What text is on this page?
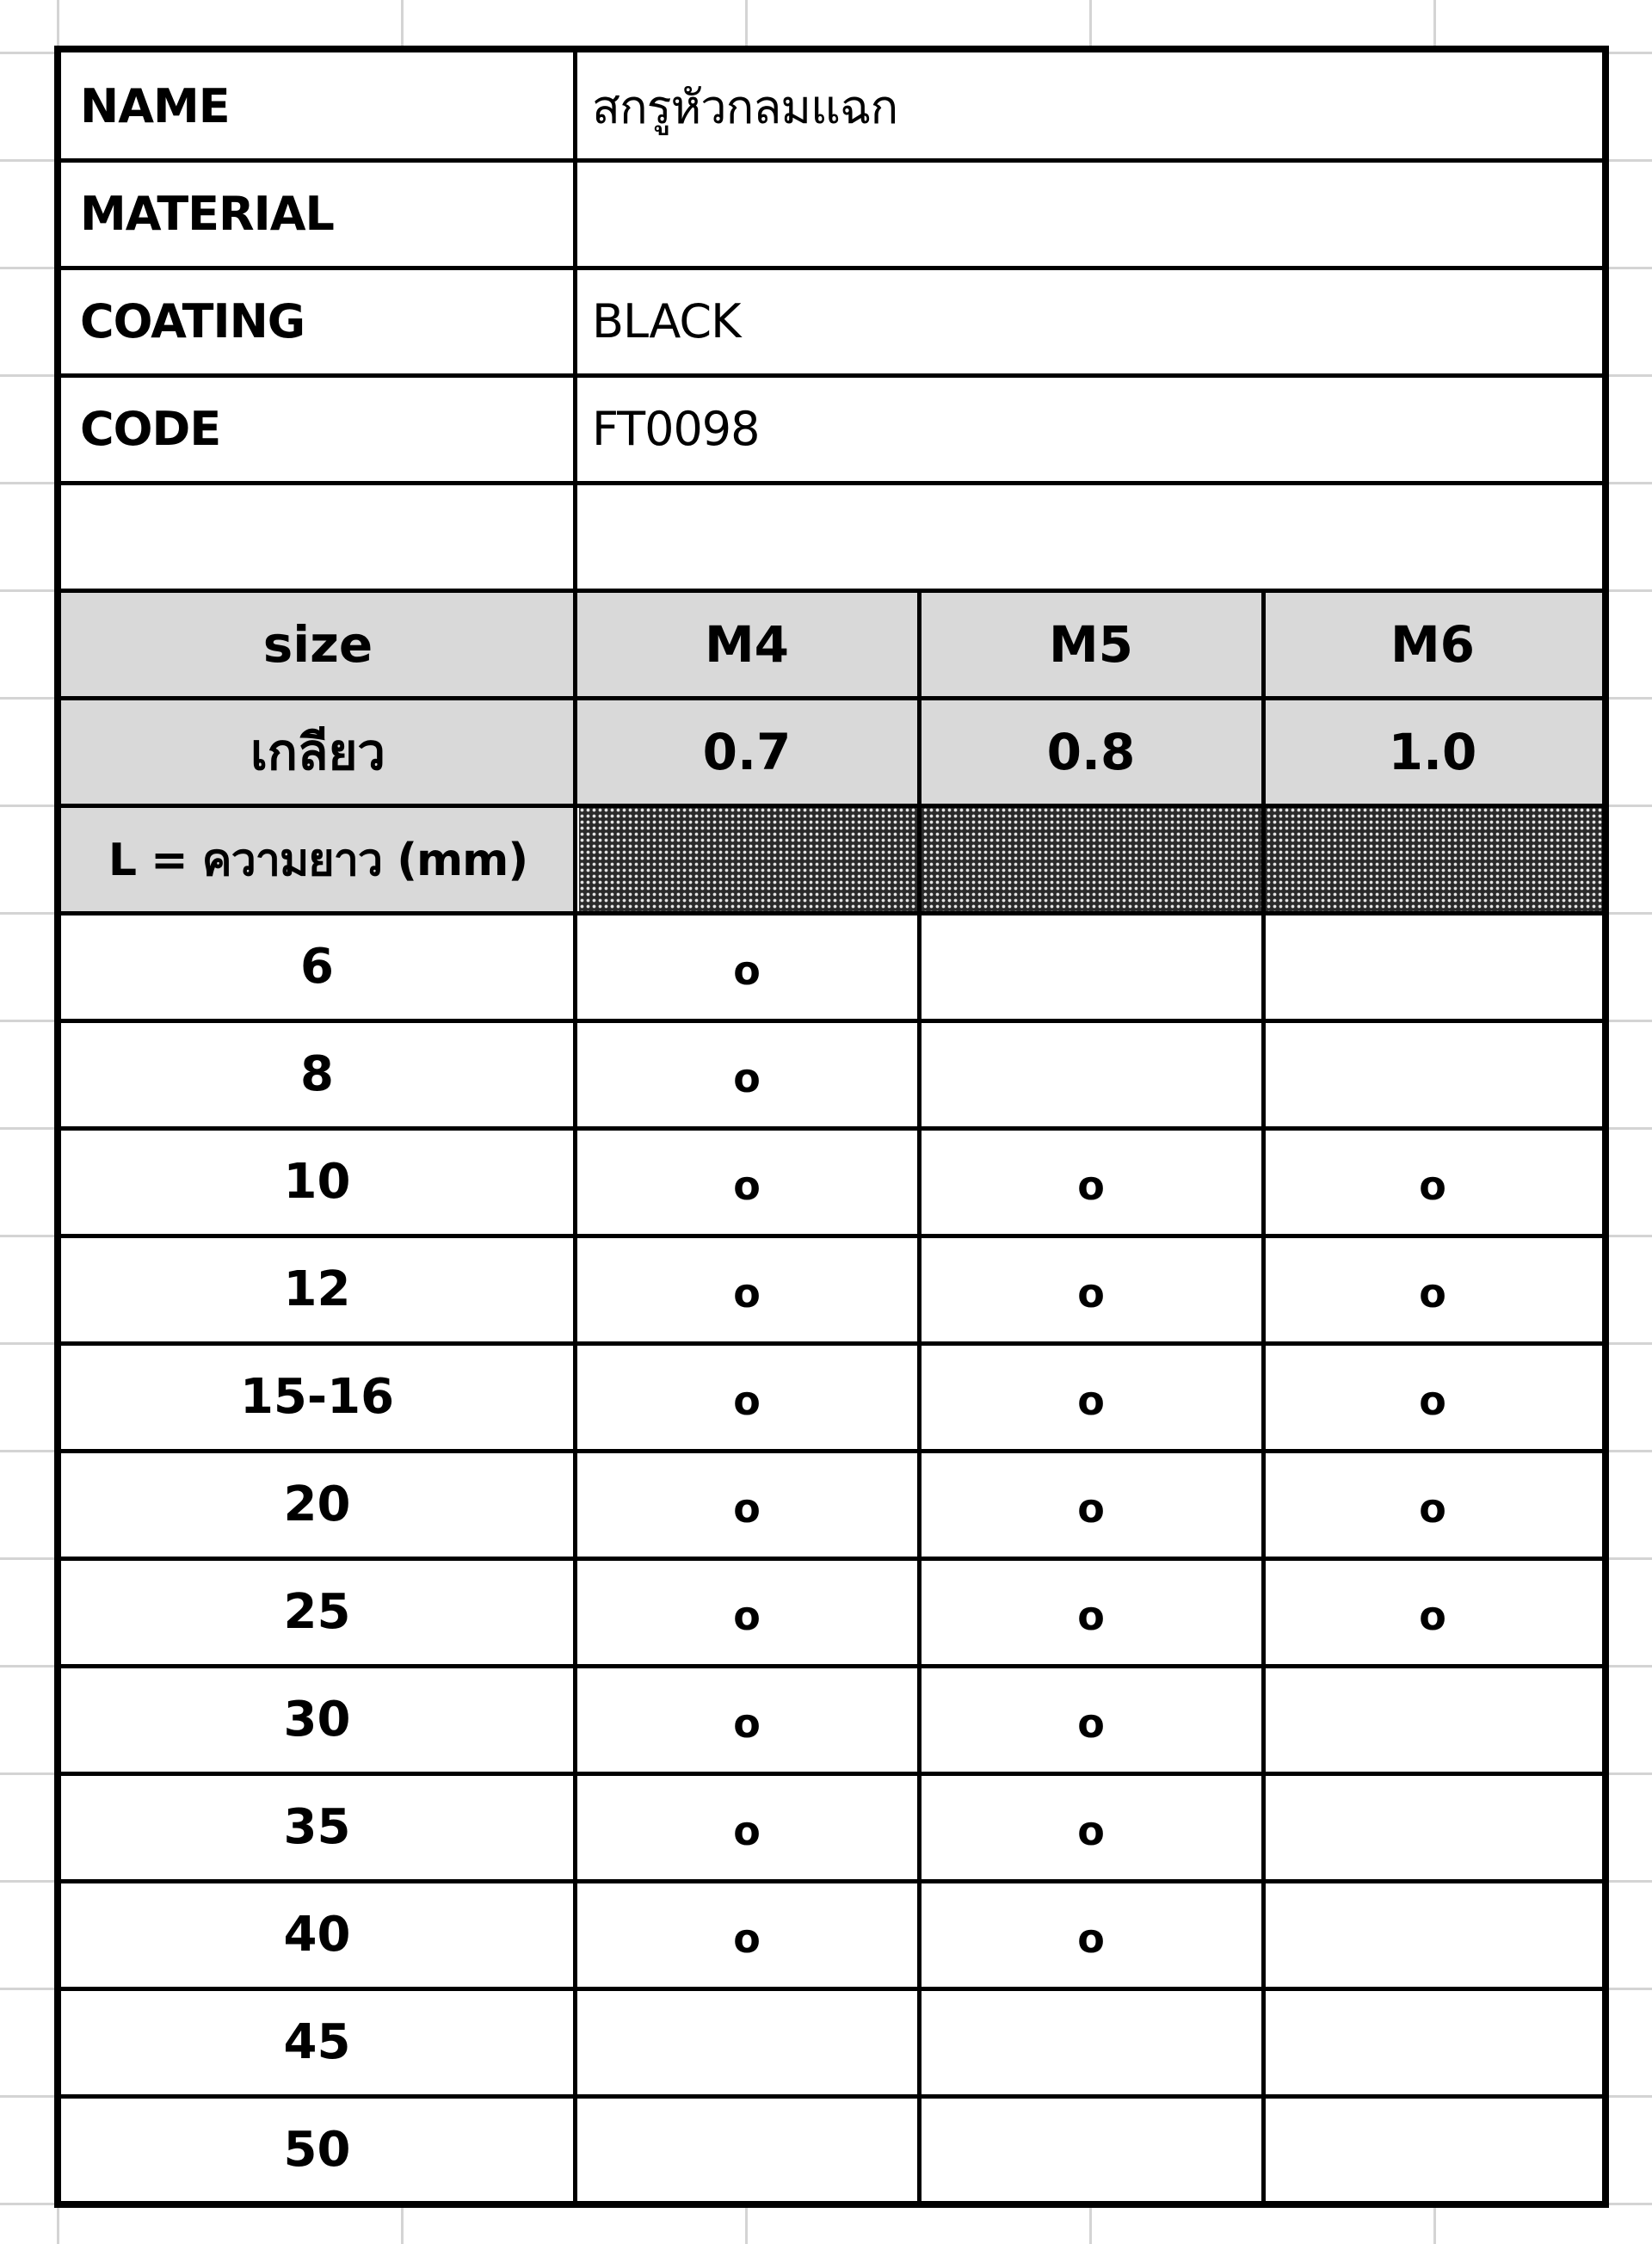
NAME	สกรูหัวกลมแฉก
MATERIAL
COATING	BLACK
CODE	FT0098
size	M4	M5	M6
เกลียว	0.7	0.8	1.0
L = ความยาว (mm)
6	o
8	o
10	o	o	o
12	o	o	o
15-16	o	o	o
20	o	o	o
25	o	o	o
30	o	o
35	o	o
40	o	o
45
50
